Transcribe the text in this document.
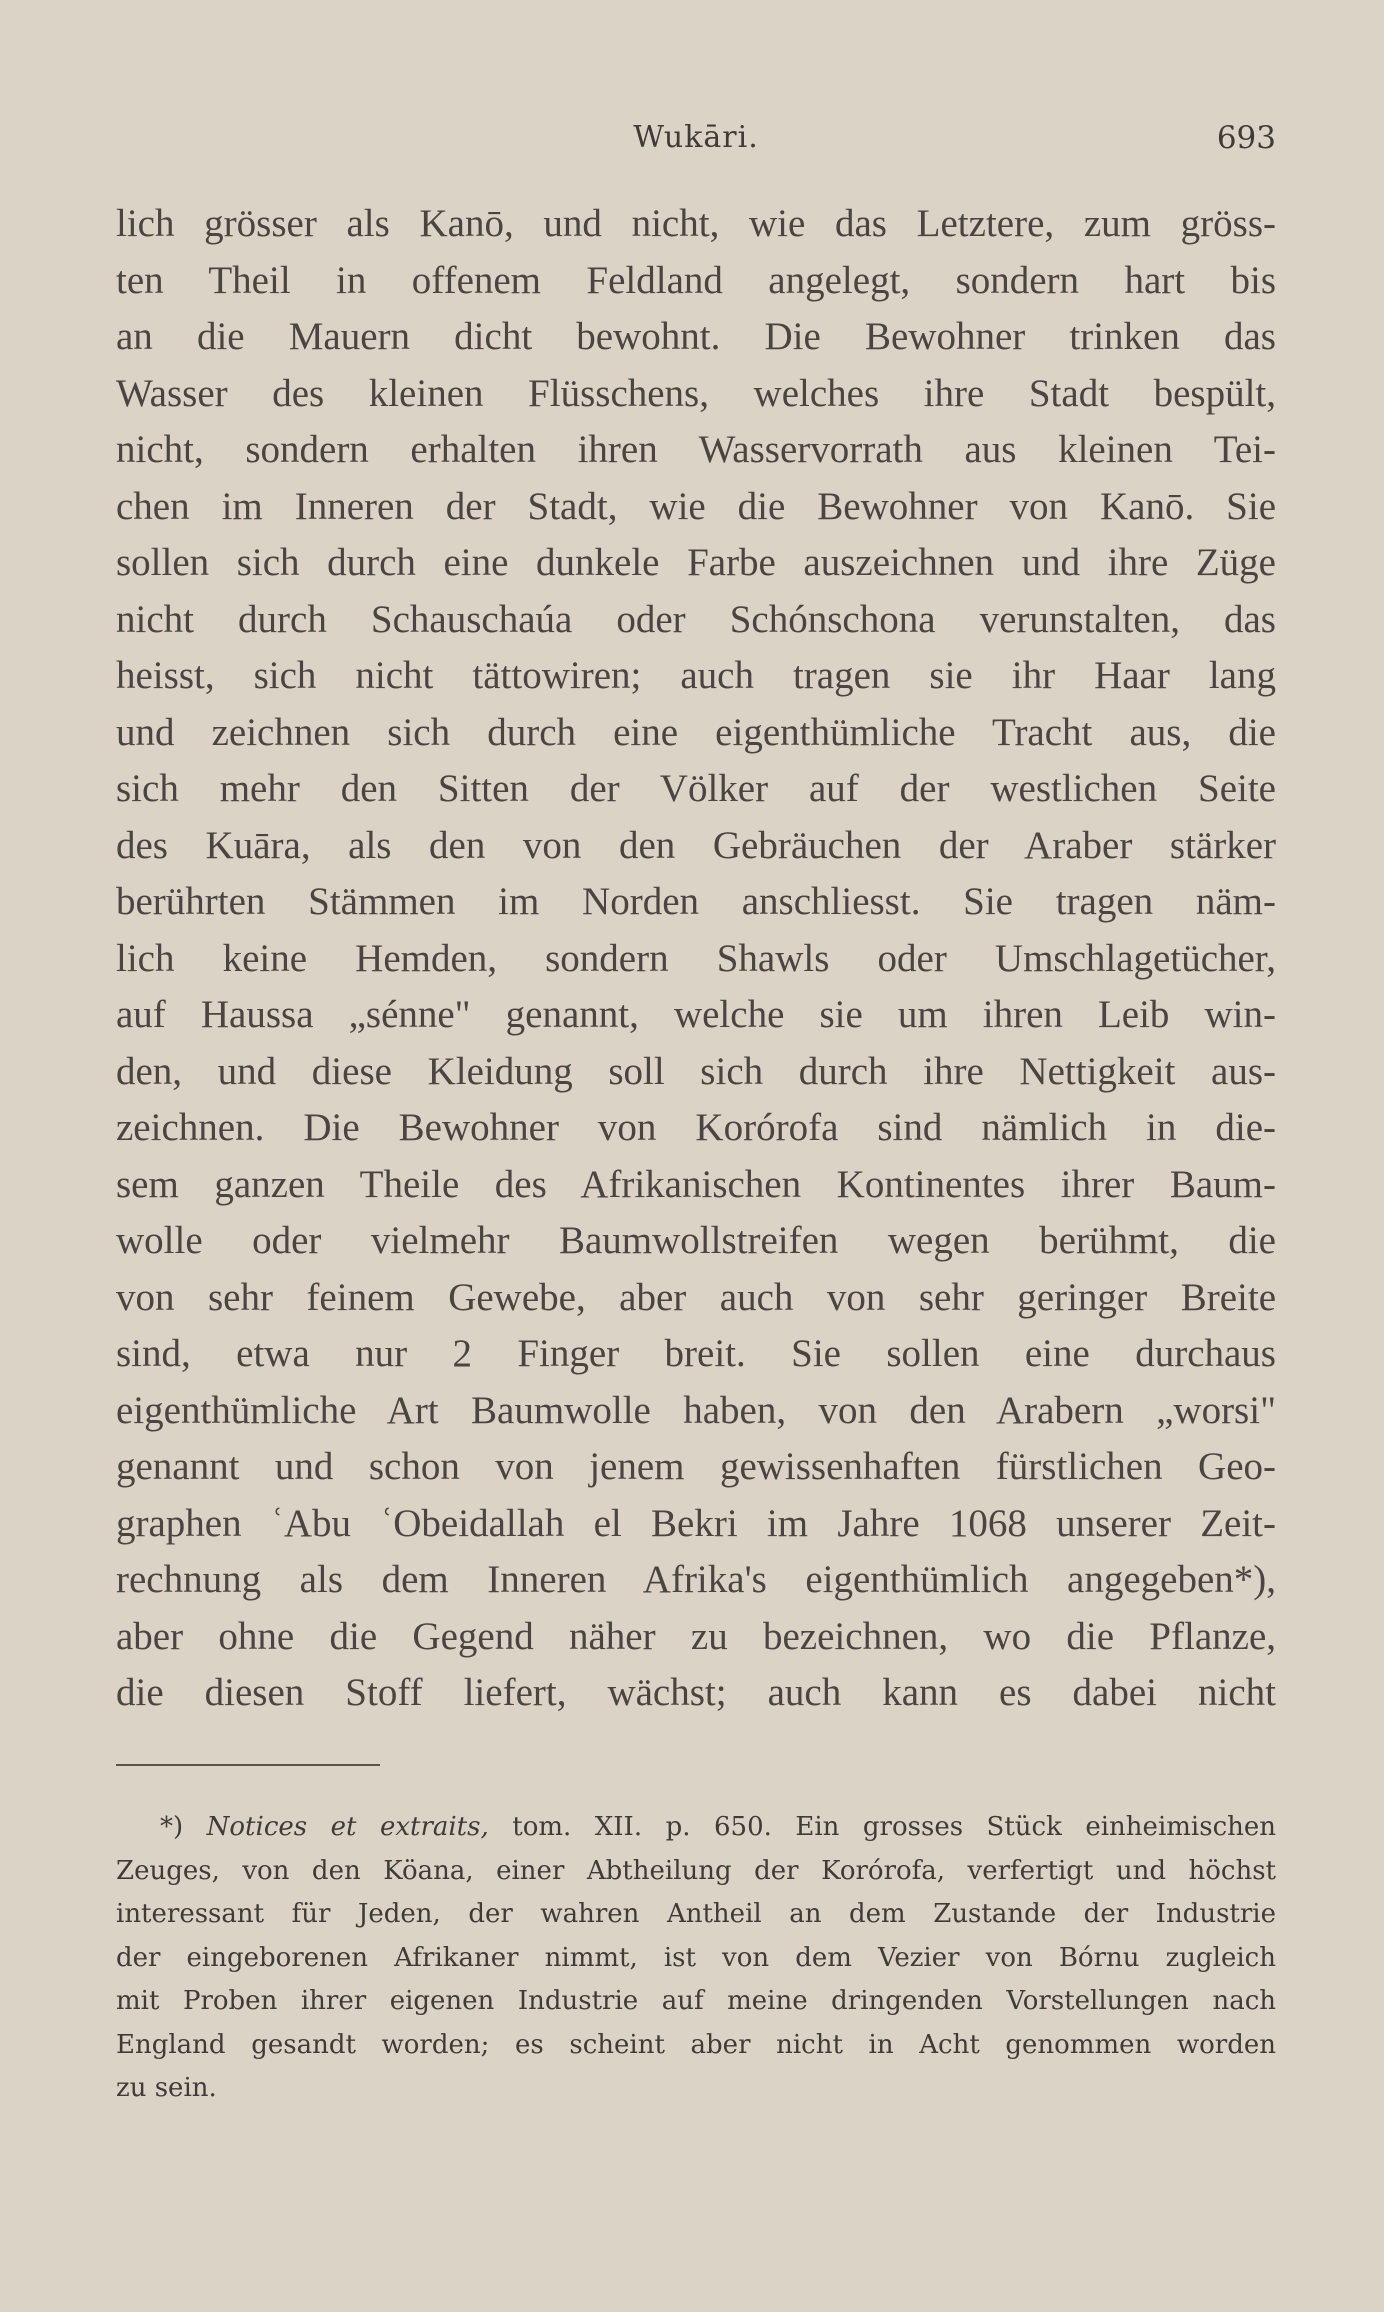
Wukāri.	693
lich grösser als Kanō, und nicht, wie das Letztere, zum gröss-
ten Theil in offenem Feldland angelegt, sondern hart bis
an die Mauern dicht bewohnt. Die Bewohner trinken das
Wasser des kleinen Flüsschens, welches ihre Stadt bespült,
nicht, sondern erhalten ihren Wasservorrath aus kleinen Tei-
chen im Inneren der Stadt, wie die Bewohner von Kanō. Sie
sollen sich durch eine dunkele Farbe auszeichnen und ihre Züge
nicht durch Schauschaúa oder Schónschona verunstalten, das
heisst, sich nicht tättowiren; auch tragen sie ihr Haar lang
und zeichnen sich durch eine eigenthümliche Tracht aus, die
sich mehr den Sitten der Völker auf der westlichen Seite
des Kuāra, als den von den Gebräuchen der Araber stärker
berührten Stämmen im Norden anschliesst. Sie tragen näm-
lich keine Hemden, sondern Shawls oder Umschlagetücher,
auf Haussa „sénne" genannt, welche sie um ihren Leib win-
den, und diese Kleidung soll sich durch ihre Nettigkeit aus-
zeichnen. Die Bewohner von Korórofa sind nämlich in die-
sem ganzen Theile des Afrikanischen Kontinentes ihrer Baum-
wolle oder vielmehr Baumwollstreifen wegen berühmt, die
von sehr feinem Gewebe, aber auch von sehr geringer Breite
sind, etwa nur 2 Finger breit. Sie sollen eine durchaus
eigenthümliche Art Baumwolle haben, von den Arabern „worsi"
genannt und schon von jenem gewissenhaften fürstlichen Geo-
graphen ʿAbu ʿObeidallah el Bekri im Jahre 1068 unserer Zeit-
rechnung als dem Inneren Afrika's eigenthümlich angegeben*),
aber ohne die Gegend näher zu bezeichnen, wo die Pflanze,
die diesen Stoff liefert, wächst; auch kann es dabei nicht
*) Notices et extraits, tom. XII. p. 650. Ein grosses Stück einheimischen
Zeuges, von den Köana, einer Abtheilung der Korórofa, verfertigt und höchst
interessant für Jeden, der wahren Antheil an dem Zustande der Industrie
der eingeborenen Afrikaner nimmt, ist von dem Vezier von Bórnu zugleich
mit Proben ihrer eigenen Industrie auf meine dringenden Vorstellungen nach
England gesandt worden; es scheint aber nicht in Acht genommen worden
zu sein.
